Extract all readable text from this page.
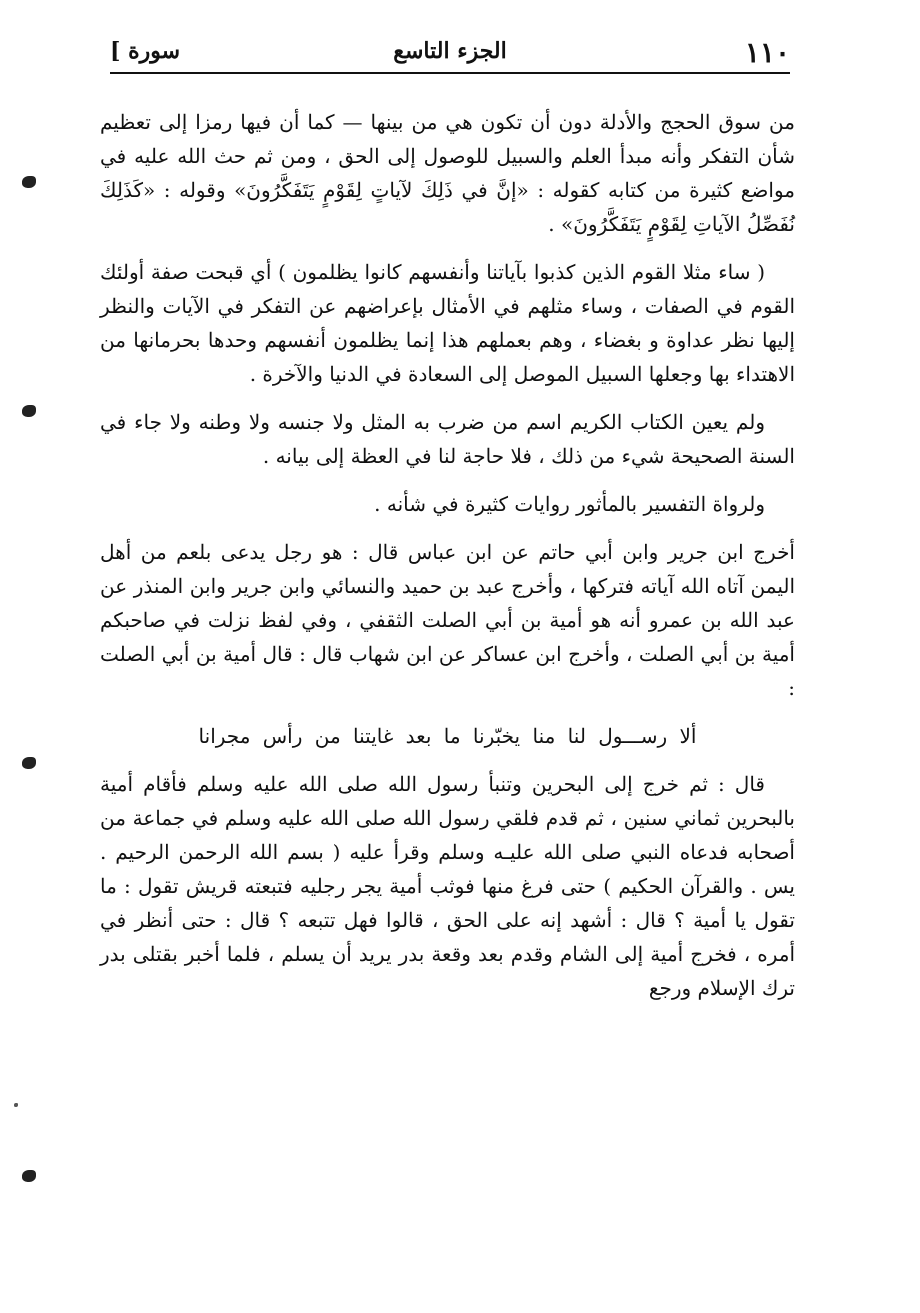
١١٠
الجزء التاسع
سورة ]

من سوق الحجج والأدلة دون أن تكون هي من بينها — كما أن فيها رمزا إلى تعظيم شأن التفكر وأنه مبدأ العلم والسبيل للوصول إلى الحق ، ومن ثم حث الله عليه في مواضع كثيرة من كتابه كقوله : «إنَّ في ذَلِكَ لآياتٍ لِقَوْمٍ يَتَفَكَّرُونَ» وقوله : «كَذَلِكَ نُفَصِّلُ الآياتِ لِقَوْمٍ يَتَفَكَّرُونَ» .

( ساء مثلا القوم الذين كذبوا بآياتنا وأنفسهم كانوا يظلمون ) أي قبحت صفة أولئك القوم في الصفات ، وساء مثلهم في الأمثال بإعراضهم عن التفكر في الآيات والنظر إليها نظر عداوة و بغضاء ، وهم بعملهم هذا إنما يظلمون أنفسهم وحدها بحرمانها من الاهتداء بها وجعلها السبيل الموصل إلى السعادة في الدنيا والآخرة .

ولم يعين الكتاب الكريم اسم من ضرب به المثل ولا جنسه ولا وطنه ولا جاء في السنة الصحيحة شيء من ذلك ، فلا حاجة لنا في العظة إلى بيانه .

ولرواة التفسير بالمأثور روايات كثيرة في شأنه .

أخرج ابن جرير وابن أبي حاتم عن ابن عباس قال : هو رجل يدعى بلعم من أهل اليمن آتاه الله آياته فتركها ، وأخرج عبد بن حميد والنسائي وابن جرير وابن المنذر عن عبد الله بن عمرو أنه هو أمية بن أبي الصلت الثقفي ، وفي لفظ نزلت في صاحبكم أمية بن أبي الصلت ، وأخرج ابن عساكر عن ابن شهاب قال : قال أمية بن أبي الصلت :

ألا رســـول لنا منا يخبّرنا ما بعد غايتنا من رأس مجرانا

قال : ثم خرج إلى البحرين وتنبأ رسول الله صلى الله عليه وسلم فأقام أمية بالبحرين ثماني سنين ، ثم قدم فلقي رسول الله صلى الله عليه وسلم في جماعة من أصحابه فدعاه النبي صلى الله عليـه وسلم وقرأ عليه ( بسم الله الرحمن الرحيم . يس . والقرآن الحكيم ) حتى فرغ منها فوثب أمية يجر رجليه فتبعته قريش تقول : ما تقول يا أمية ؟ قال : أشهد إنه على الحق ، قالوا فهل تتبعه ؟ قال : حتى أنظر في أمره ، فخرج أمية إلى الشام وقدم بعد وقعة بدر يريد أن يسلم ، فلما أخبر بقتلى بدر ترك الإسلام ورجع
